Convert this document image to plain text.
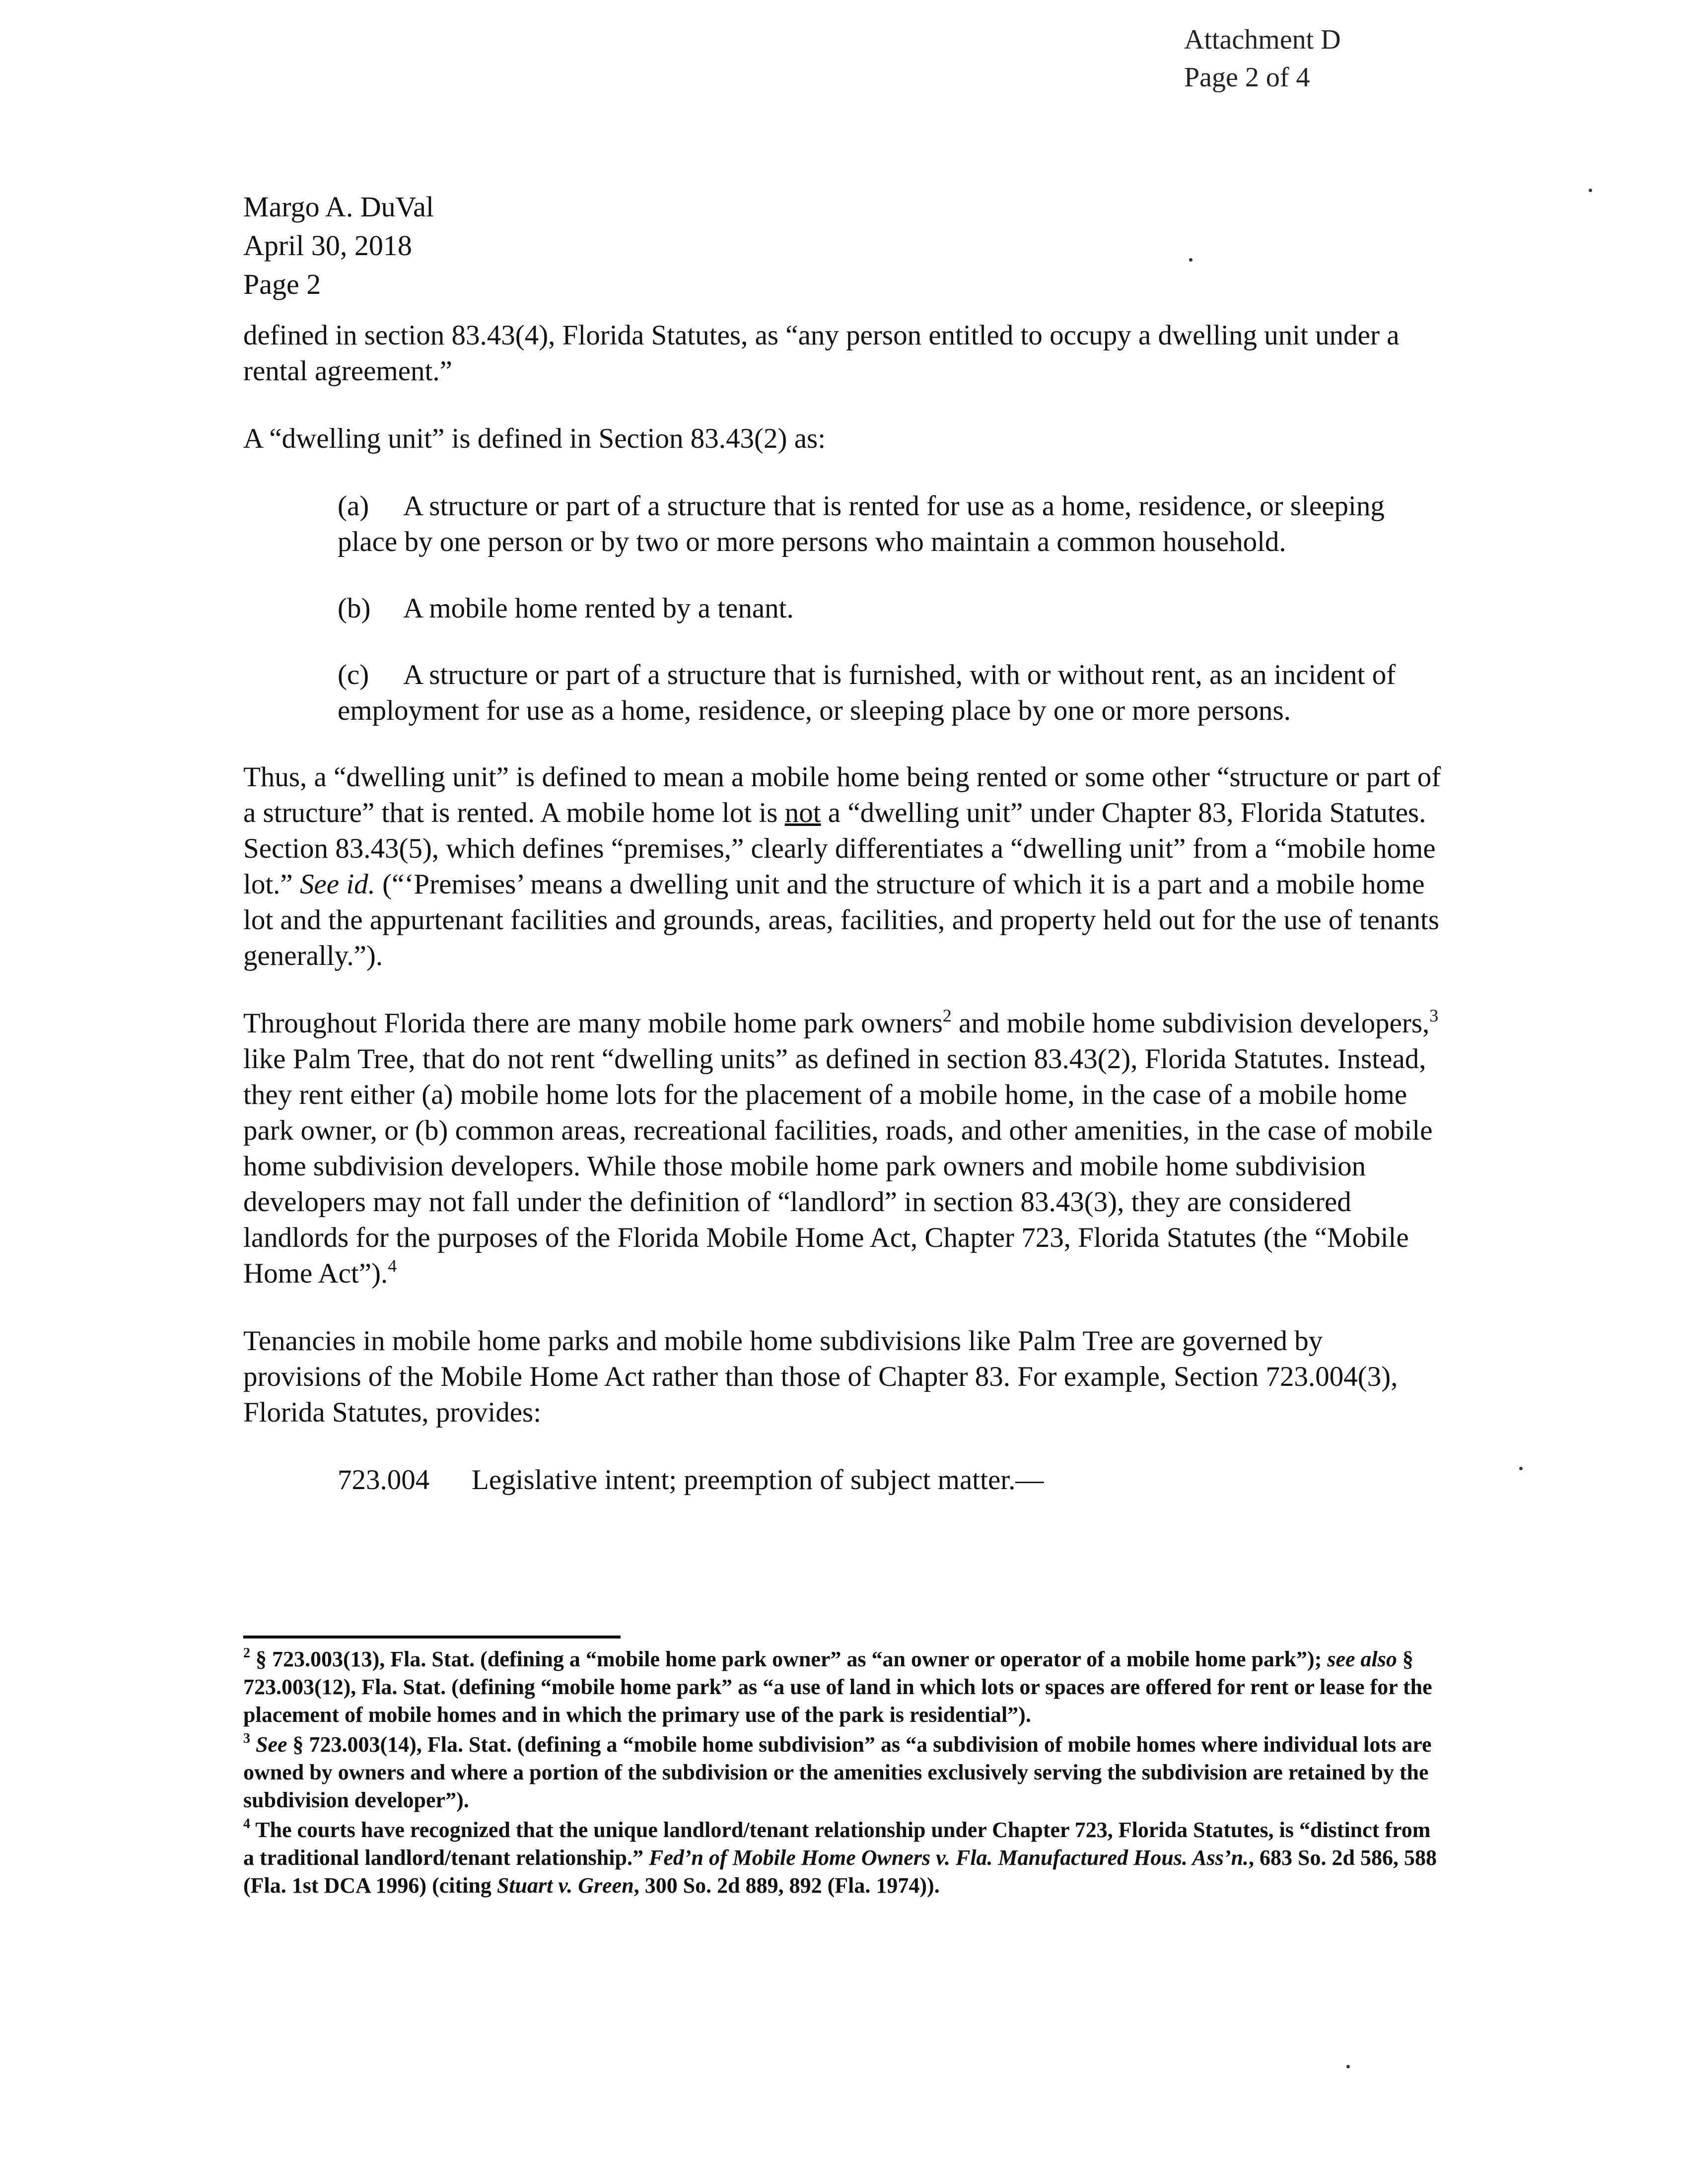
Attachment D
Page 2 of 4
Margo A. DuVal
April 30, 2018
Page 2

defined in section 83.43(4), Florida Statutes, as “any person entitled to occupy a dwelling unit under a rental agreement.”

A “dwelling unit” is defined in Section 83.43(2) as:

(a) A structure or part of a structure that is rented for use as a home, residence, or sleeping place by one person or by two or more persons who maintain a common household.
(b) A mobile home rented by a tenant.
(c) A structure or part of a structure that is furnished, with or without rent, as an incident of employment for use as a home, residence, or sleeping place by one or more persons.

Thus, a “dwelling unit” is defined to mean a mobile home being rented or some other “structure or part of a structure” that is rented. A mobile home lot is not a “dwelling unit” under Chapter 83, Florida Statutes. Section 83.43(5), which defines “premises,” clearly differentiates a “dwelling unit” from a “mobile home lot.” See id. (“‘Premises’ means a dwelling unit and the structure of which it is a part and a mobile home lot and the appurtenant facilities and grounds, areas, facilities, and property held out for the use of tenants generally.”).

Throughout Florida there are many mobile home park owners$^2$ and mobile home subdivision developers,$^3$ like Palm Tree, that do not rent “dwelling units” as defined in section 83.43(2), Florida Statutes. Instead, they rent either (a) mobile home lots for the placement of a mobile home, in the case of a mobile home park owner, or (b) common areas, recreational facilities, roads, and other amenities, in the case of mobile home subdivision developers. While those mobile home park owners and mobile home subdivision developers may not fall under the definition of “landlord” in section 83.43(3), they are considered landlords for the purposes of the Florida Mobile Home Act, Chapter 723, Florida Statutes (the “Mobile Home Act”).$^4$

Tenancies in mobile home parks and mobile home subdivisions like Palm Tree are governed by provisions of the Mobile Home Act rather than those of Chapter 83. For example, Section 723.004(3), Florida Statutes, provides:

723.004 Legislative intent; preemption of subject matter.—

$^2$ § 723.003(13), Fla. Stat. (defining a “mobile home park owner” as “an owner or operator of a mobile home park”); see also § 723.003(12), Fla. Stat. (defining “mobile home park” as “a use of land in which lots or spaces are offered for rent or lease for the placement of mobile homes and in which the primary use of the park is residential”).

$^3$ See § 723.003(14), Fla. Stat. (defining a “mobile home subdivision” as “a subdivision of mobile homes where individual lots are owned by owners and where a portion of the subdivision or the amenities exclusively serving the subdivision are retained by the subdivision developer”).

$^4$ The courts have recognized that the unique landlord/tenant relationship under Chapter 723, Florida Statutes, is “distinct from a traditional landlord/tenant relationship.” Fed’n of Mobile Home Owners v. Fla. Manufactured Hous. Ass’n., 683 So. 2d 586, 588 (Fla. 1st DCA 1996) (citing Stuart v. Green, 300 So. 2d 889, 892 (Fla. 1974)).
